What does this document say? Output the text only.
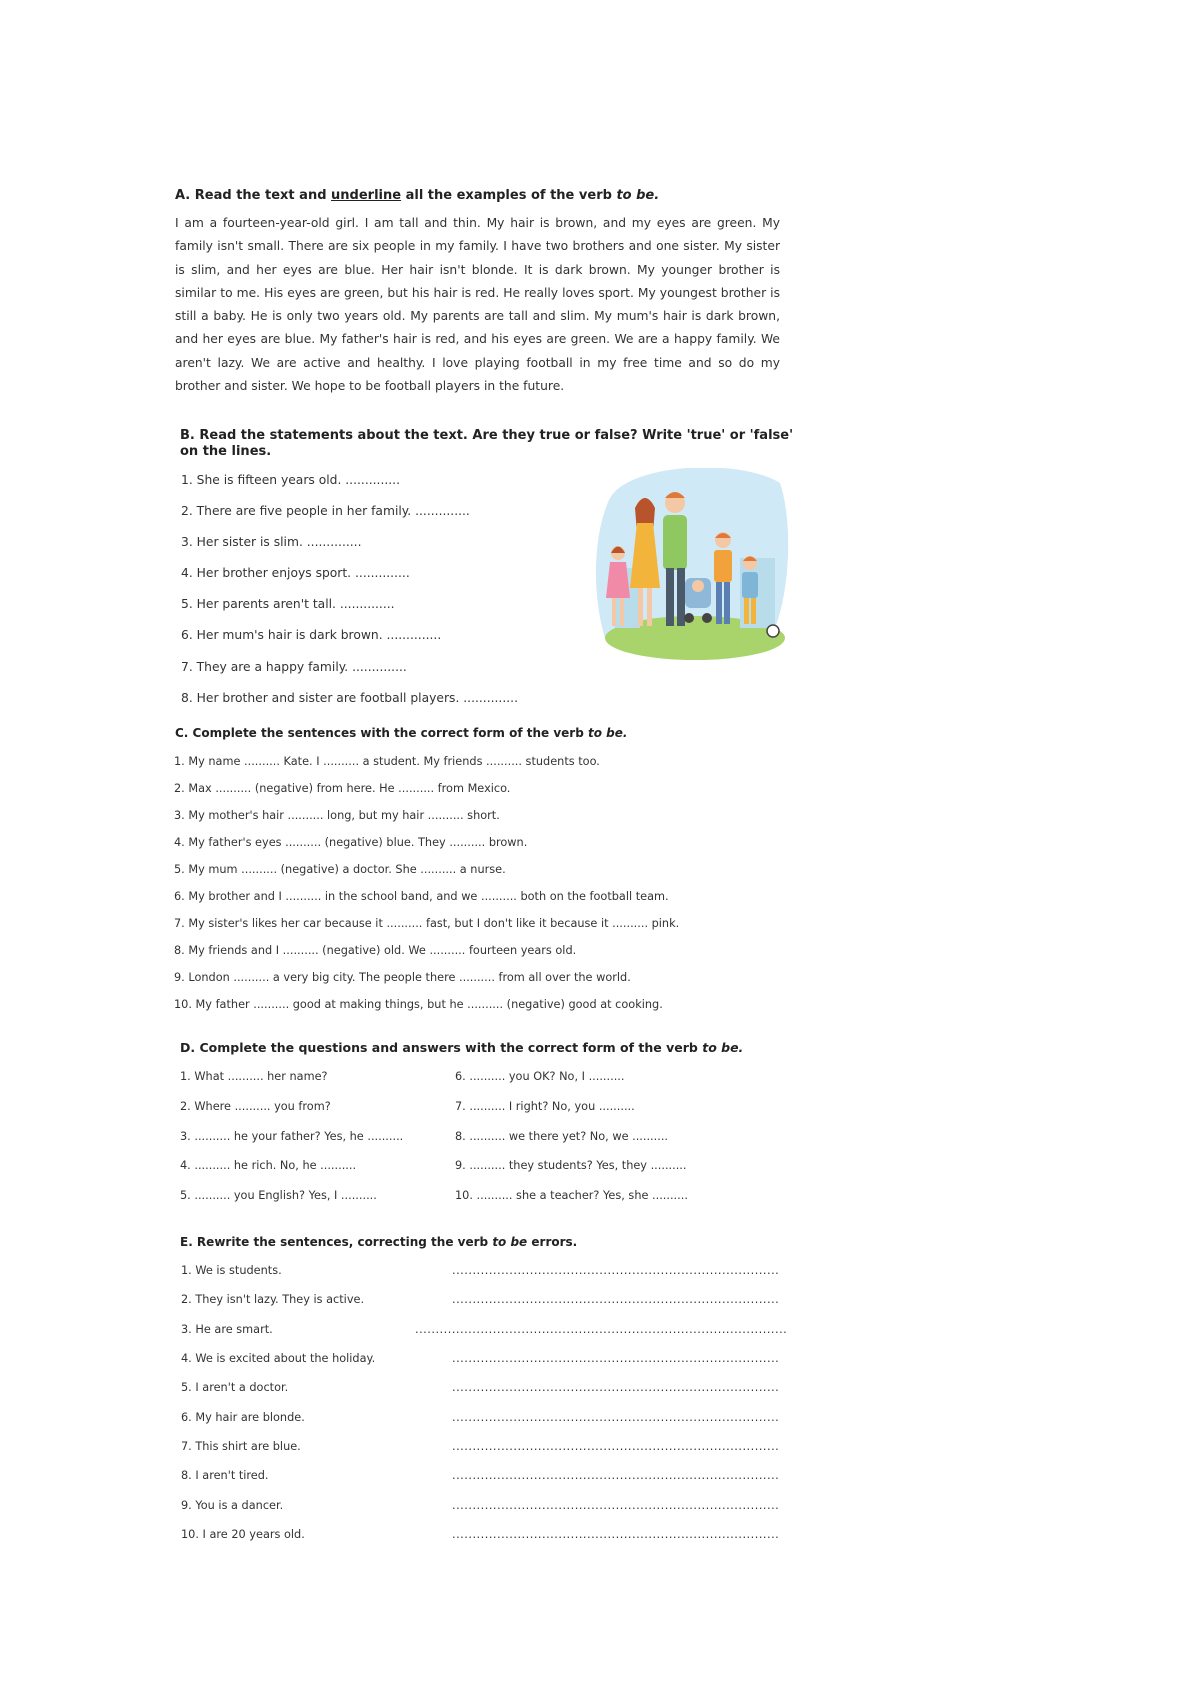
A. Read the text and underline all the examples of the verb to be.
I am a fourteen-year-old girl. I am tall and thin. My hair is brown, and my eyes are green. My family isn't small. There are six people in my family. I have two brothers and one sister. My sister is slim, and her eyes are blue. Her hair isn't blonde. It is dark brown. My younger brother is similar to me. His eyes are green, but his hair is red. He really loves sport. My youngest brother is still a baby. He is only two years old. My parents are tall and slim. My mum's hair is dark brown, and her eyes are blue. My father's hair is red, and his eyes are green. We are a happy family. We aren't lazy. We are active and healthy. I love playing football in my free time and so do my brother and sister. We hope to be football players in the future.
B. Read the statements about the text. Are they true or false? Write 'true' or 'false'
on the lines.
1. She is fifteen years old. ..............
2. There are five people in her family. ..............
3. Her sister is slim. ..............
4. Her brother enjoys sport. ..............
5. Her parents aren't tall. ..............
6. Her mum's hair is dark brown. ..............
7. They are a happy family. ..............
8. Her brother and sister are football players. ..............
C. Complete the sentences with the correct form of the verb to be.
1. My name .......... Kate. I .......... a student. My friends .......... students too.
2. Max .......... (negative) from here. He .......... from Mexico.
3. My mother's hair .......... long, but my hair .......... short.
4. My father's eyes .......... (negative) blue. They .......... brown.
5. My mum .......... (negative) a doctor. She .......... a nurse.
6. My brother and I .......... in the school band, and we .......... both on the football team.
7. My sister's likes her car because it .......... fast, but I don't like it because it .......... pink.
8. My friends and I .......... (negative) old. We .......... fourteen years old.
9. London .......... a very big city. The people there .......... from all over the world.
10. My father .......... good at making things, but he .......... (negative) good at cooking.
D. Complete the questions and answers with the correct form of the verb to be.
1. What .......... her name?
2. Where .......... you from?
3. .......... he your father? Yes, he ..........
4. .......... he rich. No, he ..........
5. .......... you English? Yes, I ..........
6. .......... you OK? No, I ..........
7. .......... I right? No, you ..........
8. .......... we there yet? No, we ..........
9. .......... they students? Yes, they ..........
10. .......... she a teacher? Yes, she ..........
E. Rewrite the sentences, correcting the verb to be errors.
1. We is students.	................................................................................
2. They isn't lazy. They is active.	................................................................................
3. He are smart.	...........................................................................................
4. We is excited about the holiday.	................................................................................
5. I aren't a doctor.	................................................................................
6. My hair are blonde.	................................................................................
7. This shirt are blue.	................................................................................
8. I aren't tired.	................................................................................
9. You is a dancer.	................................................................................
10. I are 20 years old.	................................................................................
